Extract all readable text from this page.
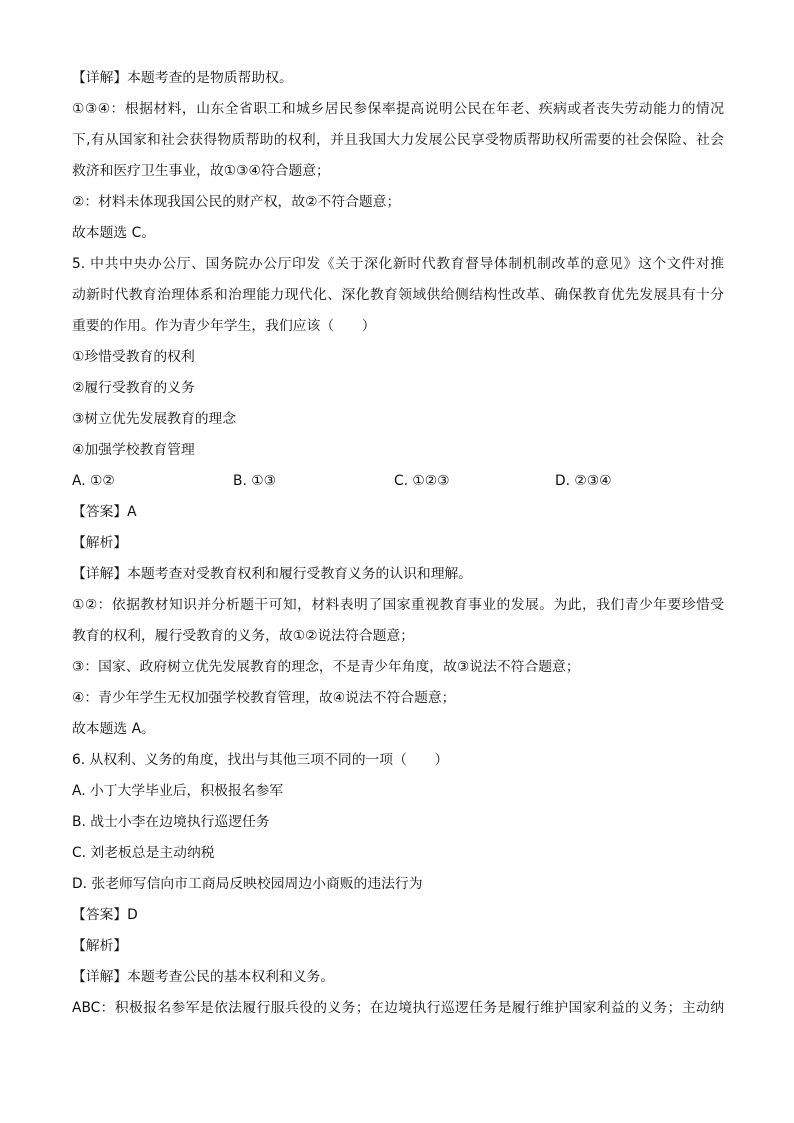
【详解】本题考查的是物质帮助权。
①③④：根据材料，山东全省职工和城乡居民参保率提高说明公民在年老、疾病或者丧失劳动能力的情况
下,有从国家和社会获得物质帮助的权利，并且我国大力发展公民享受物质帮助权所需要的社会保险、社会
救济和医疗卫生事业，故①③④符合题意；
②：材料未体现我国公民的财产权，故②不符合题意；
故本题选 C。
5. 中共中央办公厅、国务院办公厅印发《关于深化新时代教育督导体制机制改革的意见》这个文件对推
动新时代教育治理体系和治理能力现代化、深化教育领域供给侧结构性改革、确保教育优先发展具有十分
重要的作用。作为青少年学生，我们应该（　　）
①珍惜受教育的权利
②履行受教育的义务
③树立优先发展教育的理念
④加强学校教育管理
A. ①②	B. ①③	C. ①②③	D. ②③④
【答案】A
【解析】
【详解】本题考查对受教育权利和履行受教育义务的认识和理解。
①②：依据教材知识并分析题干可知，材料表明了国家重视教育事业的发展。为此，我们青少年要珍惜受
教育的权利，履行受教育的义务，故①②说法符合题意；
③：国家、政府树立优先发展教育的理念，不是青少年角度，故③说法不符合题意；
④：青少年学生无权加强学校教育管理，故④说法不符合题意；
故本题选 A。
6. 从权利、义务的角度，找出与其他三项不同的一项（　　）
A. 小丁大学毕业后，积极报名参军
B. 战士小李在边境执行巡逻任务
C. 刘老板总是主动纳税
D. 张老师写信向市工商局反映校园周边小商贩的违法行为
【答案】D
【解析】
【详解】本题考查公民的基本权利和义务。
ABC：积极报名参军是依法履行服兵役的义务；在边境执行巡逻任务是履行维护国家利益的义务；主动纳
